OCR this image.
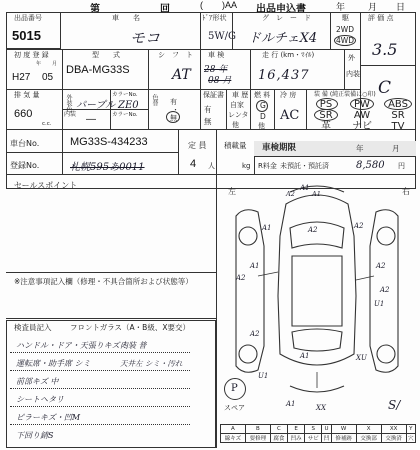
第	回	( )AA 出品申込書	年	月 日
出品番号
5015
車　　名
モコ
ﾄﾞｱ形状
5W/G
グ　レ　ー　ド
ドルチェX4
駆
2WD
4WD
評 価 点
3.5
C
初 度 登 録
年 月
H27 05
型　　式
DBA-MG33S
シ　フ　ト
AT
車 検
28 年
08 月
走 行 (km・ﾏｲﾙ)
16,437
外
内装
排 気 量
660
c.c.
外装色 パープル
カラーNo.
ZE0
内装	カラーNo.
—
色替 有
・
無
保証書
有
無
車 歴
自家
レンタ
他
燃 料
G
D
他
冷 房
AC
装 備 (純正装備に○印)
PS	PW	ABS
SR	AW	SR
革	ナビ	TV
車台No.	MG33S-434233
登録No.	札幌595あ0011
定 員
4 人
積載量
kg
車検期限	年	月
R料金 未預託・預託済	8,580 円
セールスポイント
※注意事項記入欄（修理・不具合箇所および状態等）
検査員記入 フロントガラス（A・B級、X要交）
ハンドル・ドア・天張りキズミ
内装 普
運転席・助手席 シミ	天井左 シミ・汚れ
前部キズ 中
シートヘタリ
ピラーキズ・凹M
下回り錆S
左	右
A1
A2	A1
A2
A1	A2
A1	A2
A2
A2
U1
A2
A1	XU
U1
A1	XX
P
スペア	S/
A	B	C	E	S	U	W	X	XX	Y
線キズ	要修理	腐食	凹み	サビ	凹	修補跡	交換部	交換済	穴
